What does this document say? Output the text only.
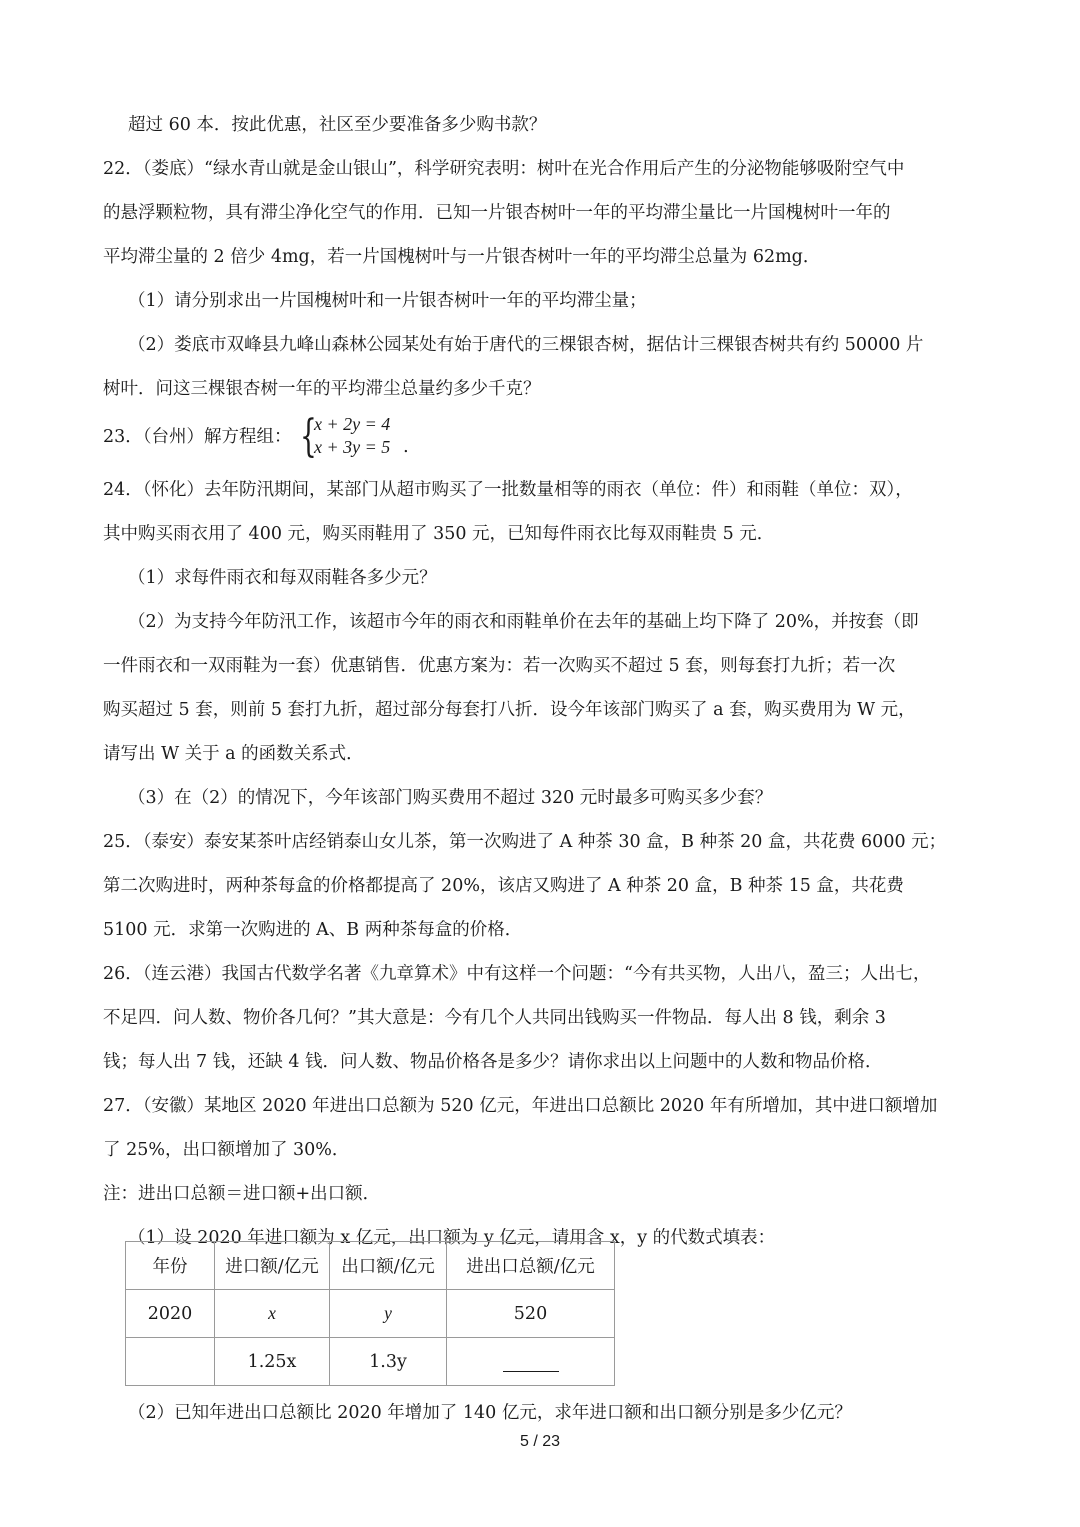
超过 60 本．按此优惠，社区至少要准备多少购书款？
22．（娄底）“绿水青山就是金山银山”，科学研究表明：树叶在光合作用后产生的分泌物能够吸附空气中
的悬浮颗粒物，具有滞尘净化空气的作用．已知一片银杏树叶一年的平均滞尘量比一片国槐树叶一年的
平均滞尘量的 2 倍少 4mg，若一片国槐树叶与一片银杏树叶一年的平均滞尘总量为 62mg．
（1）请分别求出一片国槐树叶和一片银杏树叶一年的平均滞尘量；
（2）娄底市双峰县九峰山森林公园某处有始于唐代的三棵银杏树，据估计三棵银杏树共有约 50000 片
树叶．问这三棵银杏树一年的平均滞尘总量约多少千克？
23．（台州）解方程组： {
x + 2y = 4
x + 3y = 5 .
24．（怀化）去年防汛期间，某部门从超市购买了一批数量相等的雨衣（单位：件）和雨鞋（单位：双），
其中购买雨衣用了 400 元，购买雨鞋用了 350 元，已知每件雨衣比每双雨鞋贵 5 元．
（1）求每件雨衣和每双雨鞋各多少元？
（2）为支持今年防汛工作，该超市今年的雨衣和雨鞋单价在去年的基础上均下降了 20%，并按套（即
一件雨衣和一双雨鞋为一套）优惠销售．优惠方案为：若一次购买不超过 5 套，则每套打九折；若一次
购买超过 5 套，则前 5 套打九折，超过部分每套打八折．设今年该部门购买了 a 套，购买费用为 W 元，
请写出 W 关于 a 的函数关系式．
（3）在（2）的情况下，今年该部门购买费用不超过 320 元时最多可购买多少套？
25．（泰安）泰安某茶叶店经销泰山女儿茶，第一次购进了 A 种茶 30 盒，B 种茶 20 盒，共花费 6000 元；
第二次购进时，两种茶每盒的价格都提高了 20%，该店又购进了 A 种茶 20 盒，B 种茶 15 盒，共花费
5100 元．求第一次购进的 A、B 两种茶每盒的价格．
26．（连云港）我国古代数学名著《九章算术》中有这样一个问题：“今有共买物，人出八，盈三；人出七，
不足四．问人数、物价各几何？”其大意是：今有几个人共同出钱购买一件物品．每人出 8 钱，剩余 3
钱；每人出 7 钱，还缺 4 钱．问人数、物品价格各是多少？请你求出以上问题中的人数和物品价格．
27．（安徽）某地区 2020 年进出口总额为 520 亿元，年进出口总额比 2020 年有所增加，其中进口额增加
了 25%，出口额增加了 30%．
注：进出口总额＝进口额+出口额．
（1）设 2020 年进口额为 x 亿元，出口额为 y 亿元，请用含 x，y 的代数式填表：
年份	进口额/亿元	出口额/亿元	进出口总额/亿元
2020	x	y	520
	1.25x	1.3y	
（2）已知年进出口总额比 2020 年增加了 140 亿元，求年进口额和出口额分别是多少亿元？
5 / 23
